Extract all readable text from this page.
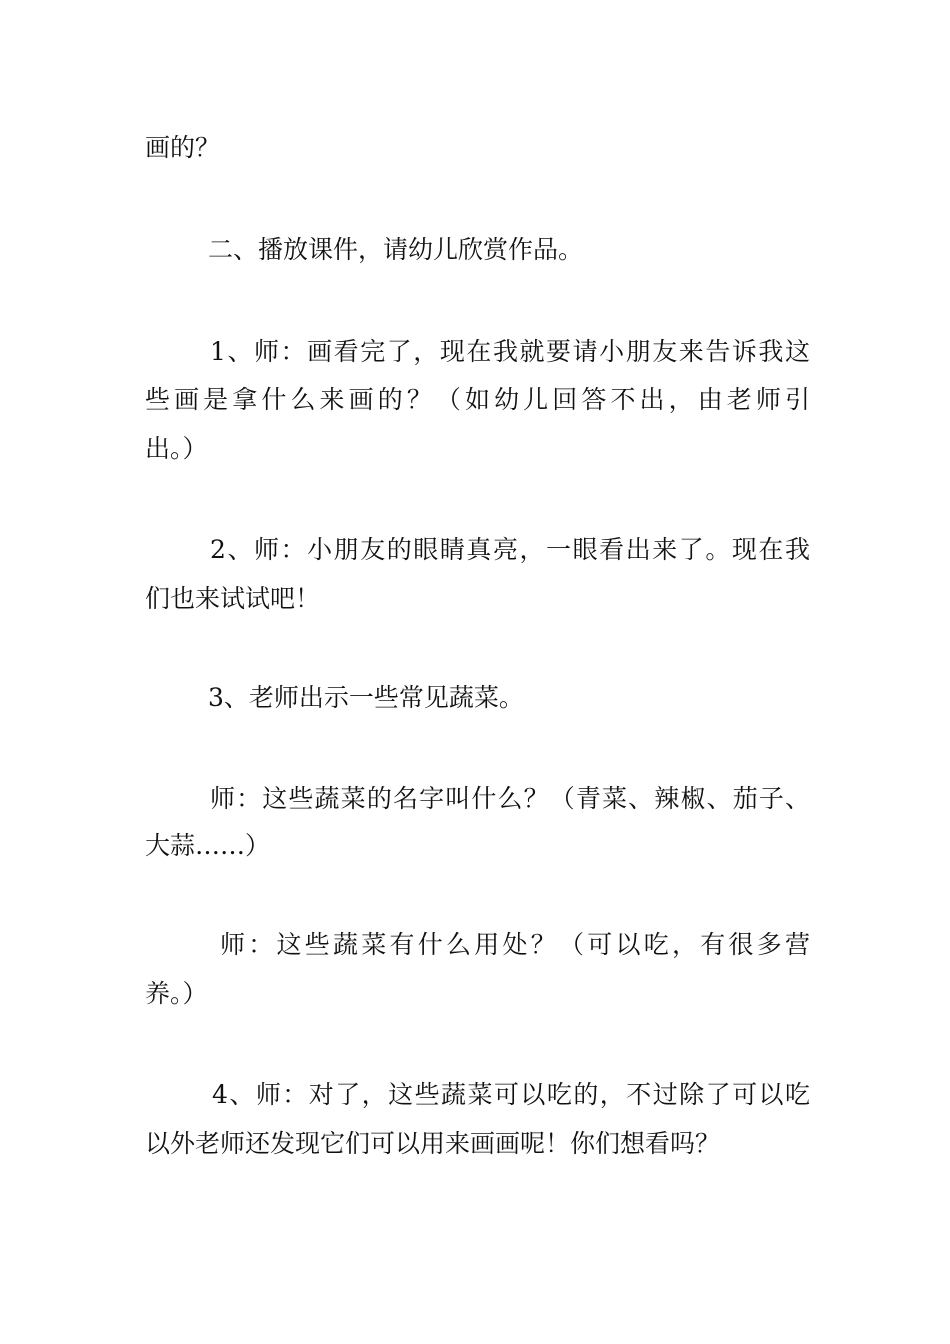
画的？
二、播放课件，请幼儿欣赏作品。
1、师：画看完了，现在我就要请小朋友来告诉我这
些画是拿什么来画的？（如幼儿回答不出，由老师引
出。）
2、师：小朋友的眼睛真亮，一眼看出来了。现在我
们也来试试吧！
3、老师出示一些常见蔬菜。
师：这些蔬菜的名字叫什么？（青菜、辣椒、茄子、
大蒜……）
师：这些蔬菜有什么用处？（可以吃，有很多营
养。）
4、师：对了，这些蔬菜可以吃的，不过除了可以吃
以外老师还发现它们可以用来画画呢！你们想看吗？
